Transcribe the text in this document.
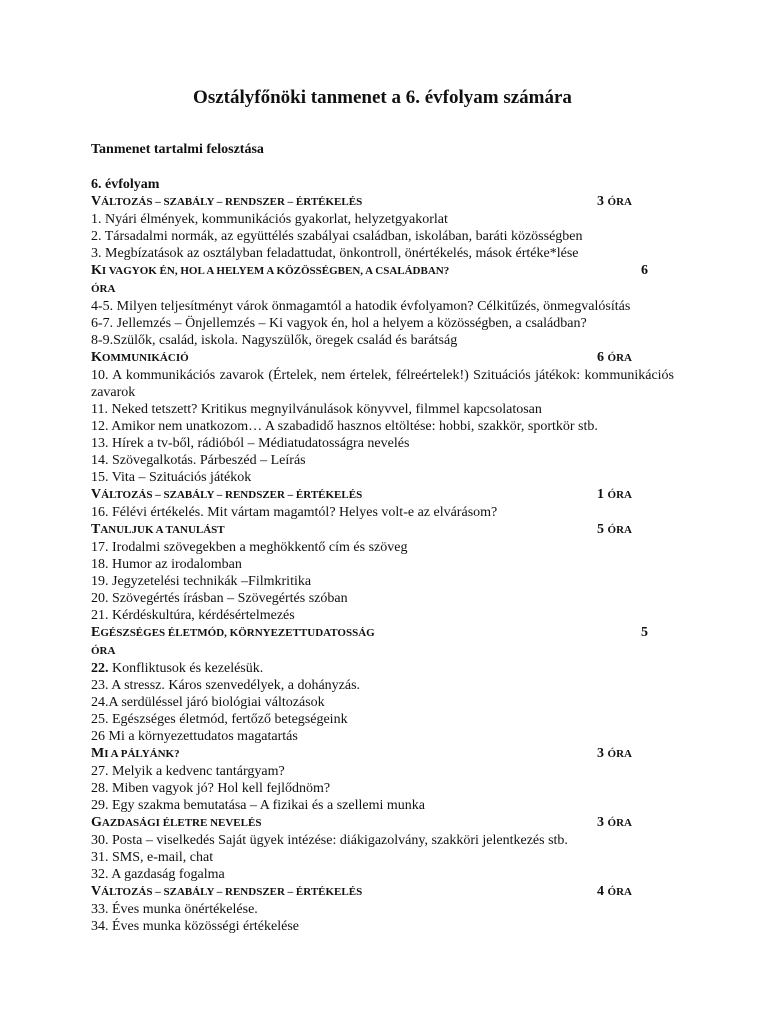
Osztályfőnöki tanmenet a 6. évfolyam számára
Tanmenet tartalmi felosztása
6. évfolyam
VÁLTOZÁS – SZABÁLY – RENDSZER – ÉRTÉKELÉS	3 ÓRA
1. Nyári élmények, kommunikációs gyakorlat, helyzetgyakorlat
2. Társadalmi normák, az együttélés szabályai családban, iskolában, baráti közösségben
3. Megbízatások az osztályban feladattudat, önkontroll, önértékelés, mások értéke*lése
KI VAGYOK ÉN, HOL A HELYEM A KÖZÖSSÉGBEN, A CSALÁDBAN?	6
ÓRA
4-5. Milyen teljesítményt várok önmagamtól a hatodik évfolyamon? Célkitűzés, önmegvalósítás
6-7. Jellemzés – Önjellemzés – Ki vagyok én, hol a helyem a közösségben, a családban?
8-9.Szülők, család, iskola. Nagyszülők, öregek család és barátság
KOMMUNIKÁCIÓ	6 ÓRA
10. A kommunikációs zavarok (Értelek, nem értelek, félreértelek!) Szituációs játékok: kommunikációs zavarok
11. Neked tetszett? Kritikus megnyilvánulások könyvvel, filmmel kapcsolatosan
12. Amikor nem unatkozom… A szabadidő hasznos eltöltése: hobbi, szakkör, sportkör stb.
13. Hírek a tv-ből, rádióból – Médiatudatosságra nevelés
14. Szövegalkotás. Párbeszéd – Leírás
15. Vita – Szituációs játékok
VÁLTOZÁS – SZABÁLY – RENDSZER – ÉRTÉKELÉS	1 ÓRA
16. Félévi értékelés. Mit vártam magamtól? Helyes volt-e az elvárásom?
TANULJUK A TANULÁST	5 ÓRA
17. Irodalmi szövegekben a meghökkentő cím és szöveg
18. Humor az irodalomban
19. Jegyzetelési technikák –Filmkritika
20. Szövegértés írásban – Szövegértés szóban
21. Kérdéskultúra, kérdésértelmezés
EGÉSZSÉGES ÉLETMÓD, KÖRNYEZETTUDATOSSÁG	5
ÓRA
22. Konfliktusok és kezelésük.
23. A stressz. Káros szenvedélyek, a dohányzás.
24.A serdüléssel járó biológiai változások
25. Egészséges életmód, fertőző betegségeink
26 Mi a környezettudatos magatartás
MI A PÁLYÁNK?	3 ÓRA
27. Melyik a kedvenc tantárgyam?
28. Miben vagyok jó? Hol kell fejlődnöm?
29. Egy szakma bemutatása – A fizikai és a szellemi munka
GAZDASÁGI ÉLETRE NEVELÉS	3 ÓRA
30. Posta – viselkedés Saját ügyek intézése: diákigazolvány, szakköri jelentkezés stb.
31. SMS, e-mail, chat
32. A gazdaság fogalma
VÁLTOZÁS – SZABÁLY – RENDSZER – ÉRTÉKELÉS	4 ÓRA
33. Éves munka önértékelése.
34. Éves munka közösségi értékelése
